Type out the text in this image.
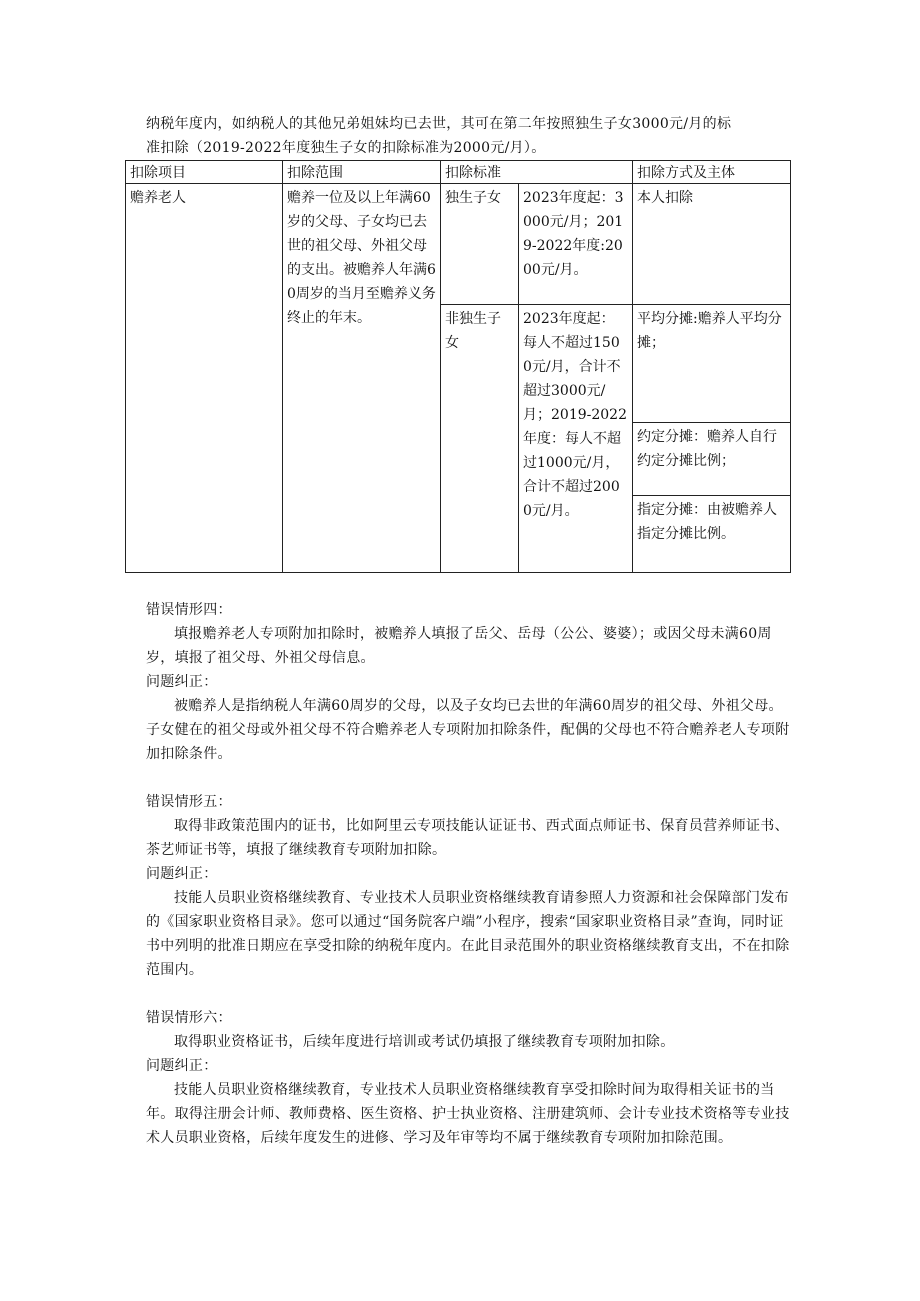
纳税年度内，如纳税人的其他兄弟姐妹均已去世，其可在第二年按照独生子女3000元/月的标

准扣除（2019-2022年度独生子女的扣除标准为2000元/月）。

扣除项目	扣除范围	扣除标准		扣除方式及主体
赡养老人	赡养一位及以上年满60岁的父母、子女均已去世的祖父母、外祖父母的支出。被赡养人年满60周岁的当月至赡养义务终止的年末。	独生子女	2023年度起：3000元/月；2019-2022年度:2000元/月。	本人扣除
		非独生子女	2023年度起：每人不超过1500元/月，合计不超过3000元/月；2019-2022年度：每人不超过1000元/月，合计不超过2000元/月。	平均分摊:赡养人平均分摊；
				约定分摊：赡养人自行约定分摊比例；
				指定分摊：由被赡养人指定分摊比例。

错误情形四：

填报赡养老人专项附加扣除时，被赡养人填报了岳父、岳母（公公、婆婆）；或因父母未满60周岁，填报了祖父母、外祖父母信息。

问题纠正：

被赡养人是指纳税人年满60周岁的父母，以及子女均已去世的年满60周岁的祖父母、外祖父母。子女健在的祖父母或外祖父母不符合赡养老人专项附加扣除条件，配偶的父母也不符合赡养老人专项附加扣除条件。

错误情形五：

取得非政策范围内的证书，比如阿里云专项技能认证证书、西式面点师证书、保育员营养师证书、茶艺师证书等，填报了继续教育专项附加扣除。

问题纠正：

技能人员职业资格继续教育、专业技术人员职业资格继续教育请参照人力资源和社会保障部门发布的《国家职业资格目录》。您可以通过“国务院客户端”小程序，搜索“国家职业资格目录”查询，同时证书中列明的批准日期应在享受扣除的纳税年度内。在此目录范围外的职业资格继续教育支出，不在扣除范围内。

错误情形六：

取得职业资格证书，后续年度进行培训或考试仍填报了继续教育专项附加扣除。

问题纠正：

技能人员职业资格继续教育，专业技术人员职业资格继续教育享受扣除时间为取得相关证书的当年。取得注册会计师、教师费格、医生资格、护士执业资格、注册建筑师、会计专业技术资格等专业技术人员职业资格，后续年度发生的进修、学习及年审等均不属于继续教育专项附加扣除范围。
